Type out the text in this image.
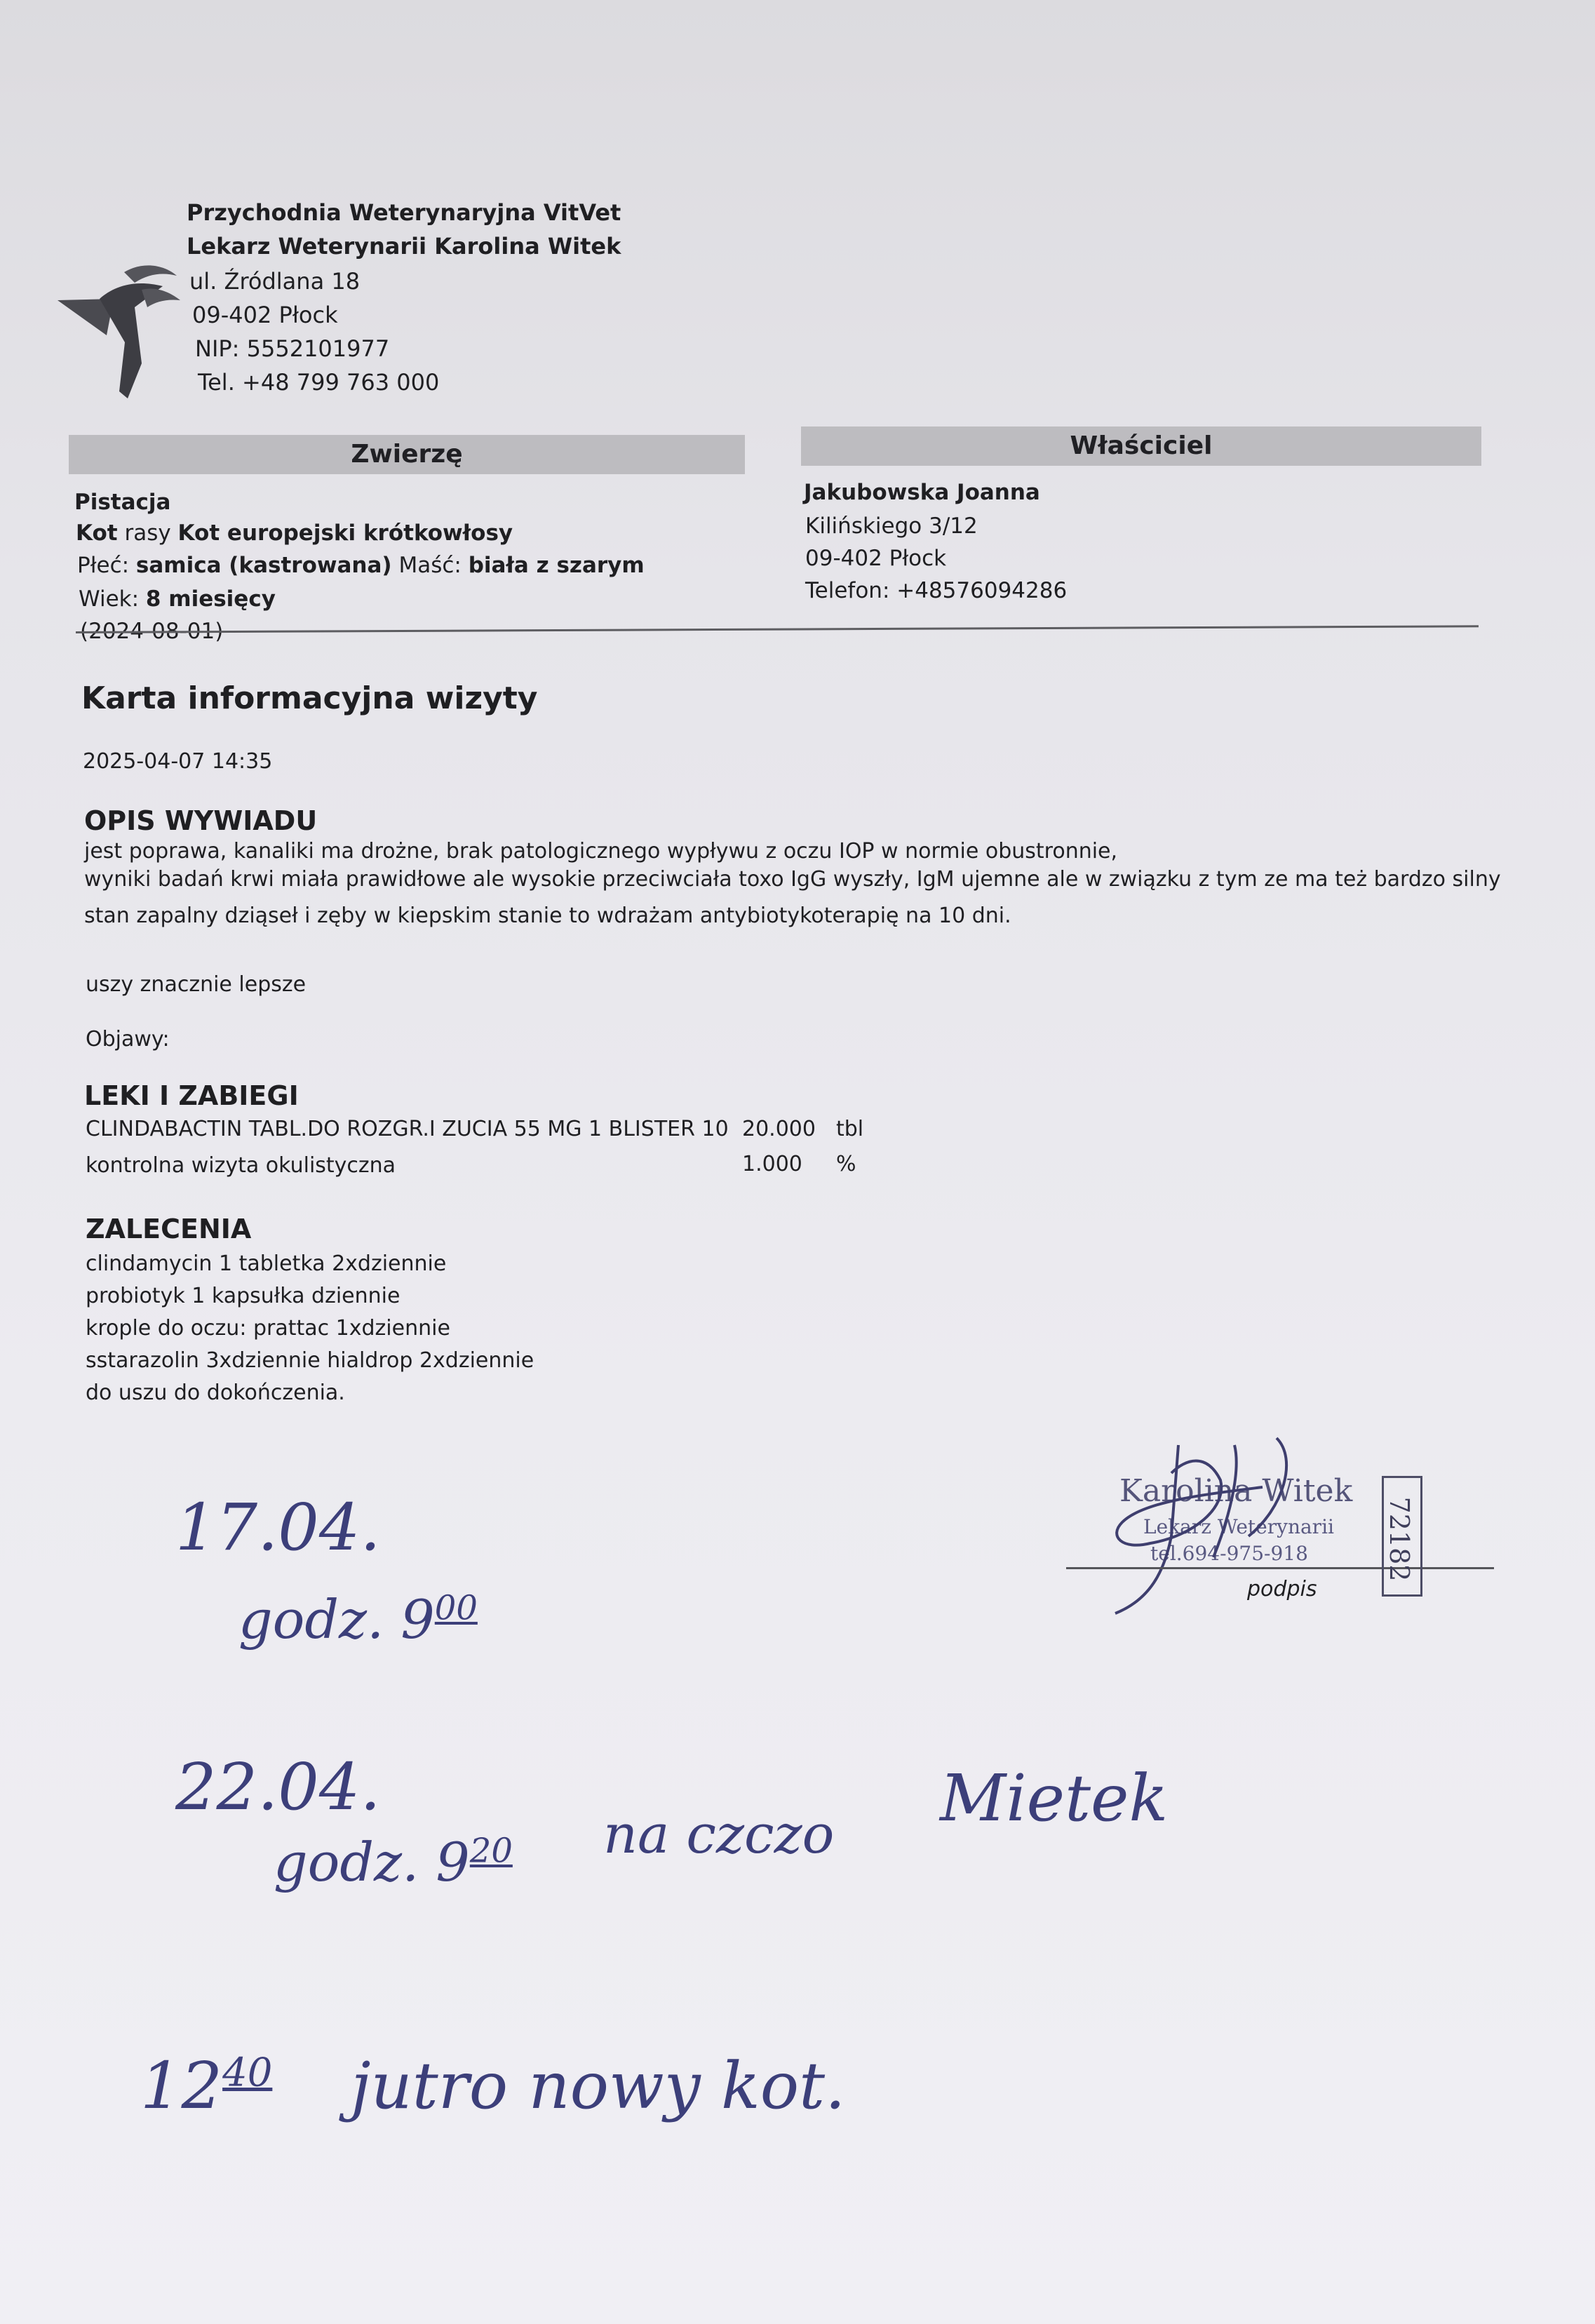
Przychodnia Weterynaryjna VitVet
Lekarz Weterynarii Karolina Witek
ul. Źródlana 18
09-402 Płock
NIP: 5552101977
Tel. +48 799 763 000
Zwierzę	Właściciel
Pistacja
Kot rasy Kot europejski krótkowłosy
Płeć: samica (kastrowana) Maść: biała z szarym
Wiek: 8 miesięcy
(2024-08-01)
Jakubowska Joanna
Kilińskiego 3/12
09-402 Płock
Telefon: +48576094286
Karta informacyjna wizyty
2025-04-07 14:35
OPIS WYWIADU
jest poprawa, kanaliki ma drożne, brak patologicznego wypływu z oczu IOP w normie obustronnie,
wyniki badań krwi miała prawidłowe ale wysokie przeciwciała toxo IgG wyszły, IgM ujemne ale w związku z tym ze ma też bardzo silny
stan zapalny dziąseł i zęby w kiepskim stanie to wdrażam antybiotykoterapię na 10 dni.
uszy znacznie lepsze
Objawy:
LEKI I ZABIEGI
CLINDABACTIN TABL.DO ROZGR.I ZUCIA 55 MG 1 BLISTER 10 20.000 tbl
kontrolna wizyta okulistyczna	1.000 %
ZALECENIA
clindamycin 1 tabletka 2xdziennie
probiotyk 1 kapsułka dziennie
krople do oczu: prattac 1xdziennie
sstarazolin 3xdziennie hialdrop 2xdziennie
do uszu do dokończenia.
Karolina Witek
Lekarz Weterynarii
tel.694-975-918
podpis
72182
17.04.
godz. $9^{00}$
22.04.
godz. $9^{20}$ na czczo Mietek
$12^{40}$ jutro nowy kot.
